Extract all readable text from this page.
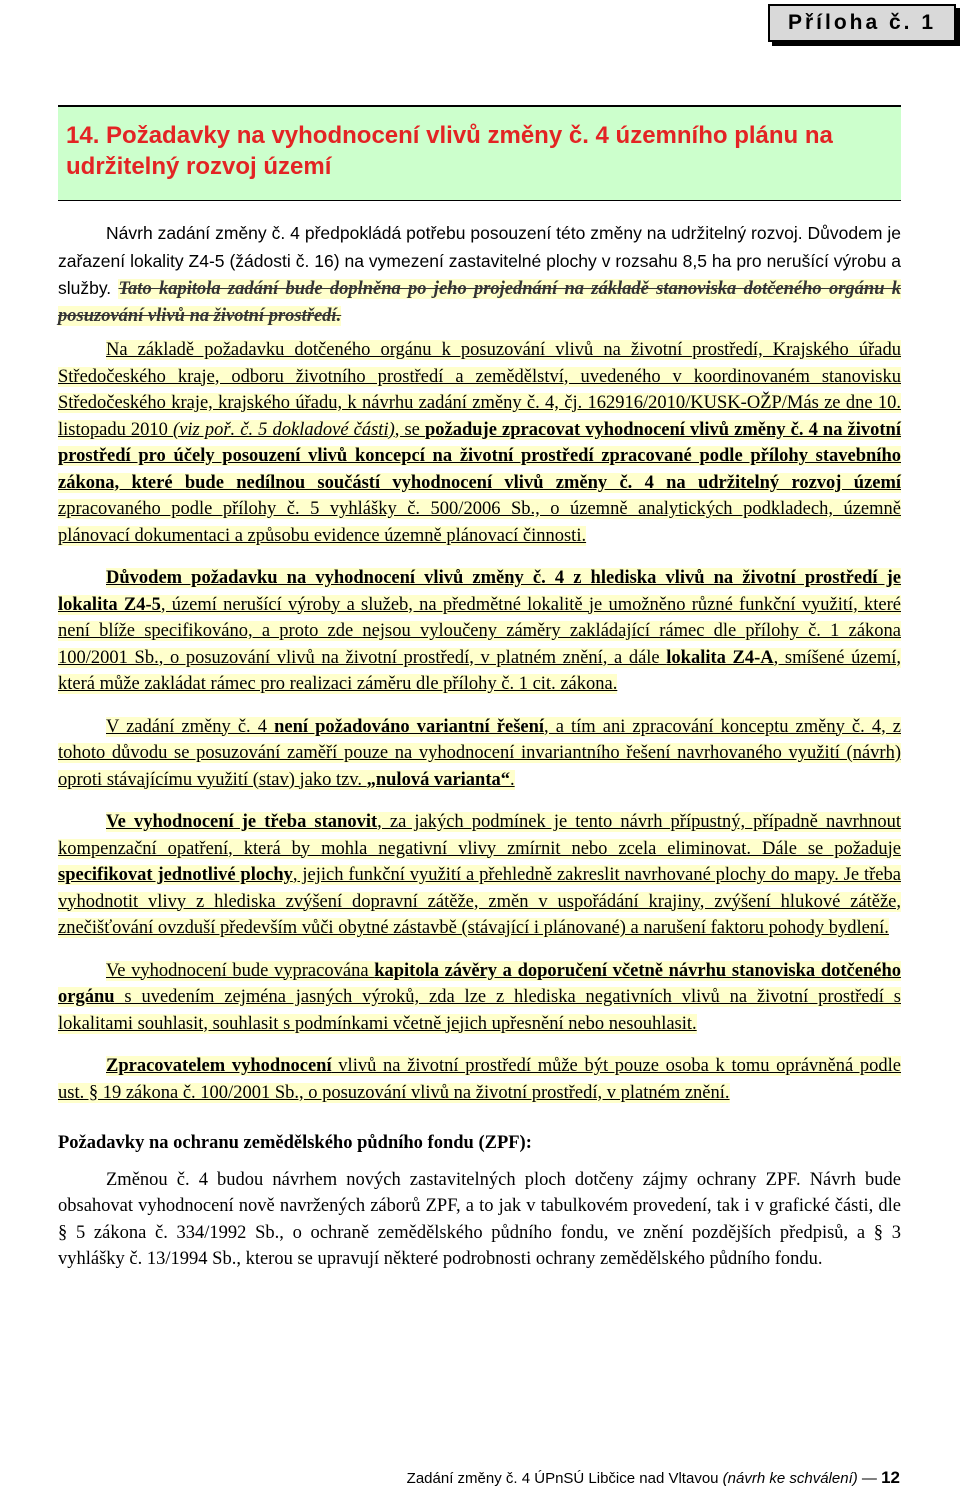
Příloha č. 1
14. Požadavky na vyhodnocení vlivů změny č. 4 územního plánu na udržitelný rozvoj území

Návrh zadání změny č. 4 předpokládá potřebu posouzení této změny na udržitelný rozvoj. Důvodem je zařazení lokality Z4-5 (žádosti č. 16) na vymezení zastavitelné plochy v rozsahu 8,5 ha pro nerušící výrobu a služby. Tato kapitola zadání bude doplněna po jeho projednání na základě stanoviska dotčeného orgánu k posuzování vlivů na životní prostředí.

Na základě požadavku dotčeného orgánu k posuzování vlivů na životní prostředí, Krajského úřadu Středočeského kraje, odboru životního prostředí a zemědělství, uvedeného v koordinovaném stanovisku Středočeského kraje, krajského úřadu, k návrhu zadání změny č. 4, čj. 162916/2010/KUSK-OŽP/Más ze dne 10. listopadu 2010 (viz poř. č. 5 dokladové části), se požaduje zpracovat vyhodnocení vlivů změny č. 4 na životní prostředí pro účely posouzení vlivů koncepcí na životní prostředí zpracované podle přílohy stavebního zákona, které bude nedílnou součástí vyhodnocení vlivů změny č. 4 na udržitelný rozvoj území zpracovaného podle přílohy č. 5 vyhlášky č. 500/2006 Sb., o územně analytických podkladech, územně plánovací dokumentaci a způsobu evidence územně plánovací činnosti.

Důvodem požadavku na vyhodnocení vlivů změny č. 4 z hlediska vlivů na životní prostředí je lokalita Z4-5, území nerušící výroby a služeb, na předmětné lokalitě je umožněno různé funkční využití, které není blíže specifikováno, a proto zde nejsou vyloučeny záměry zakládající rámec dle přílohy č. 1 zákona 100/2001 Sb., o posuzování vlivů na životní prostředí, v platném znění, a dále lokalita Z4-A, smíšené území, která může zakládat rámec pro realizaci záměru dle přílohy č. 1 cit. zákona.

V zadání změny č. 4 není požadováno variantní řešení, a tím ani zpracování konceptu změny č. 4, z tohoto důvodu se posuzování zaměří pouze na vyhodnocení invariantního řešení navrhovaného využití (návrh) oproti stávajícímu využití (stav) jako tzv. „nulová varianta“.

Ve vyhodnocení je třeba stanovit, za jakých podmínek je tento návrh přípustný, případně navrhnout kompenzační opatření, která by mohla negativní vlivy zmírnit nebo zcela eliminovat. Dále se požaduje specifikovat jednotlivé plochy, jejich funkční využití a přehledně zakreslit navrhované plochy do mapy. Je třeba vyhodnotit vlivy z hlediska zvýšení dopravní zátěže, změn v uspořádání krajiny, zvýšení hlukové zátěže, znečišťování ovzduší především vůči obytné zástavbě (stávající i plánované) a narušení faktoru pohody bydlení.

Ve vyhodnocení bude vypracována kapitola závěry a doporučení včetně návrhu stanoviska dotčeného orgánu s uvedením zejména jasných výroků, zda lze z hlediska negativních vlivů na životní prostředí s lokalitami souhlasit, souhlasit s podmínkami včetně jejich upřesnění nebo nesouhlasit.

Zpracovatelem vyhodnocení vlivů na životní prostředí může být pouze osoba k tomu oprávněná podle ust. § 19 zákona č. 100/2001 Sb., o posuzování vlivů na životní prostředí, v platném znění.

Požadavky na ochranu zemědělského půdního fondu (ZPF):

Změnou č. 4 budou návrhem nových zastavitelných ploch dotčeny zájmy ochrany ZPF. Návrh bude obsahovat vyhodnocení nově navržených záborů ZPF, a to jak v tabulkovém provedení, tak i v grafické části, dle § 5 zákona č. 334/1992 Sb., o ochraně zemědělského půdního fondu, ve znění pozdějších předpisů, a § 3 vyhlášky č. 13/1994 Sb., kterou se upravují některé podrobnosti ochrany zemědělského půdního fondu.

Zadání změny č. 4 ÚPnSÚ Libčice nad Vltavou (návrh ke schválení) — 12
